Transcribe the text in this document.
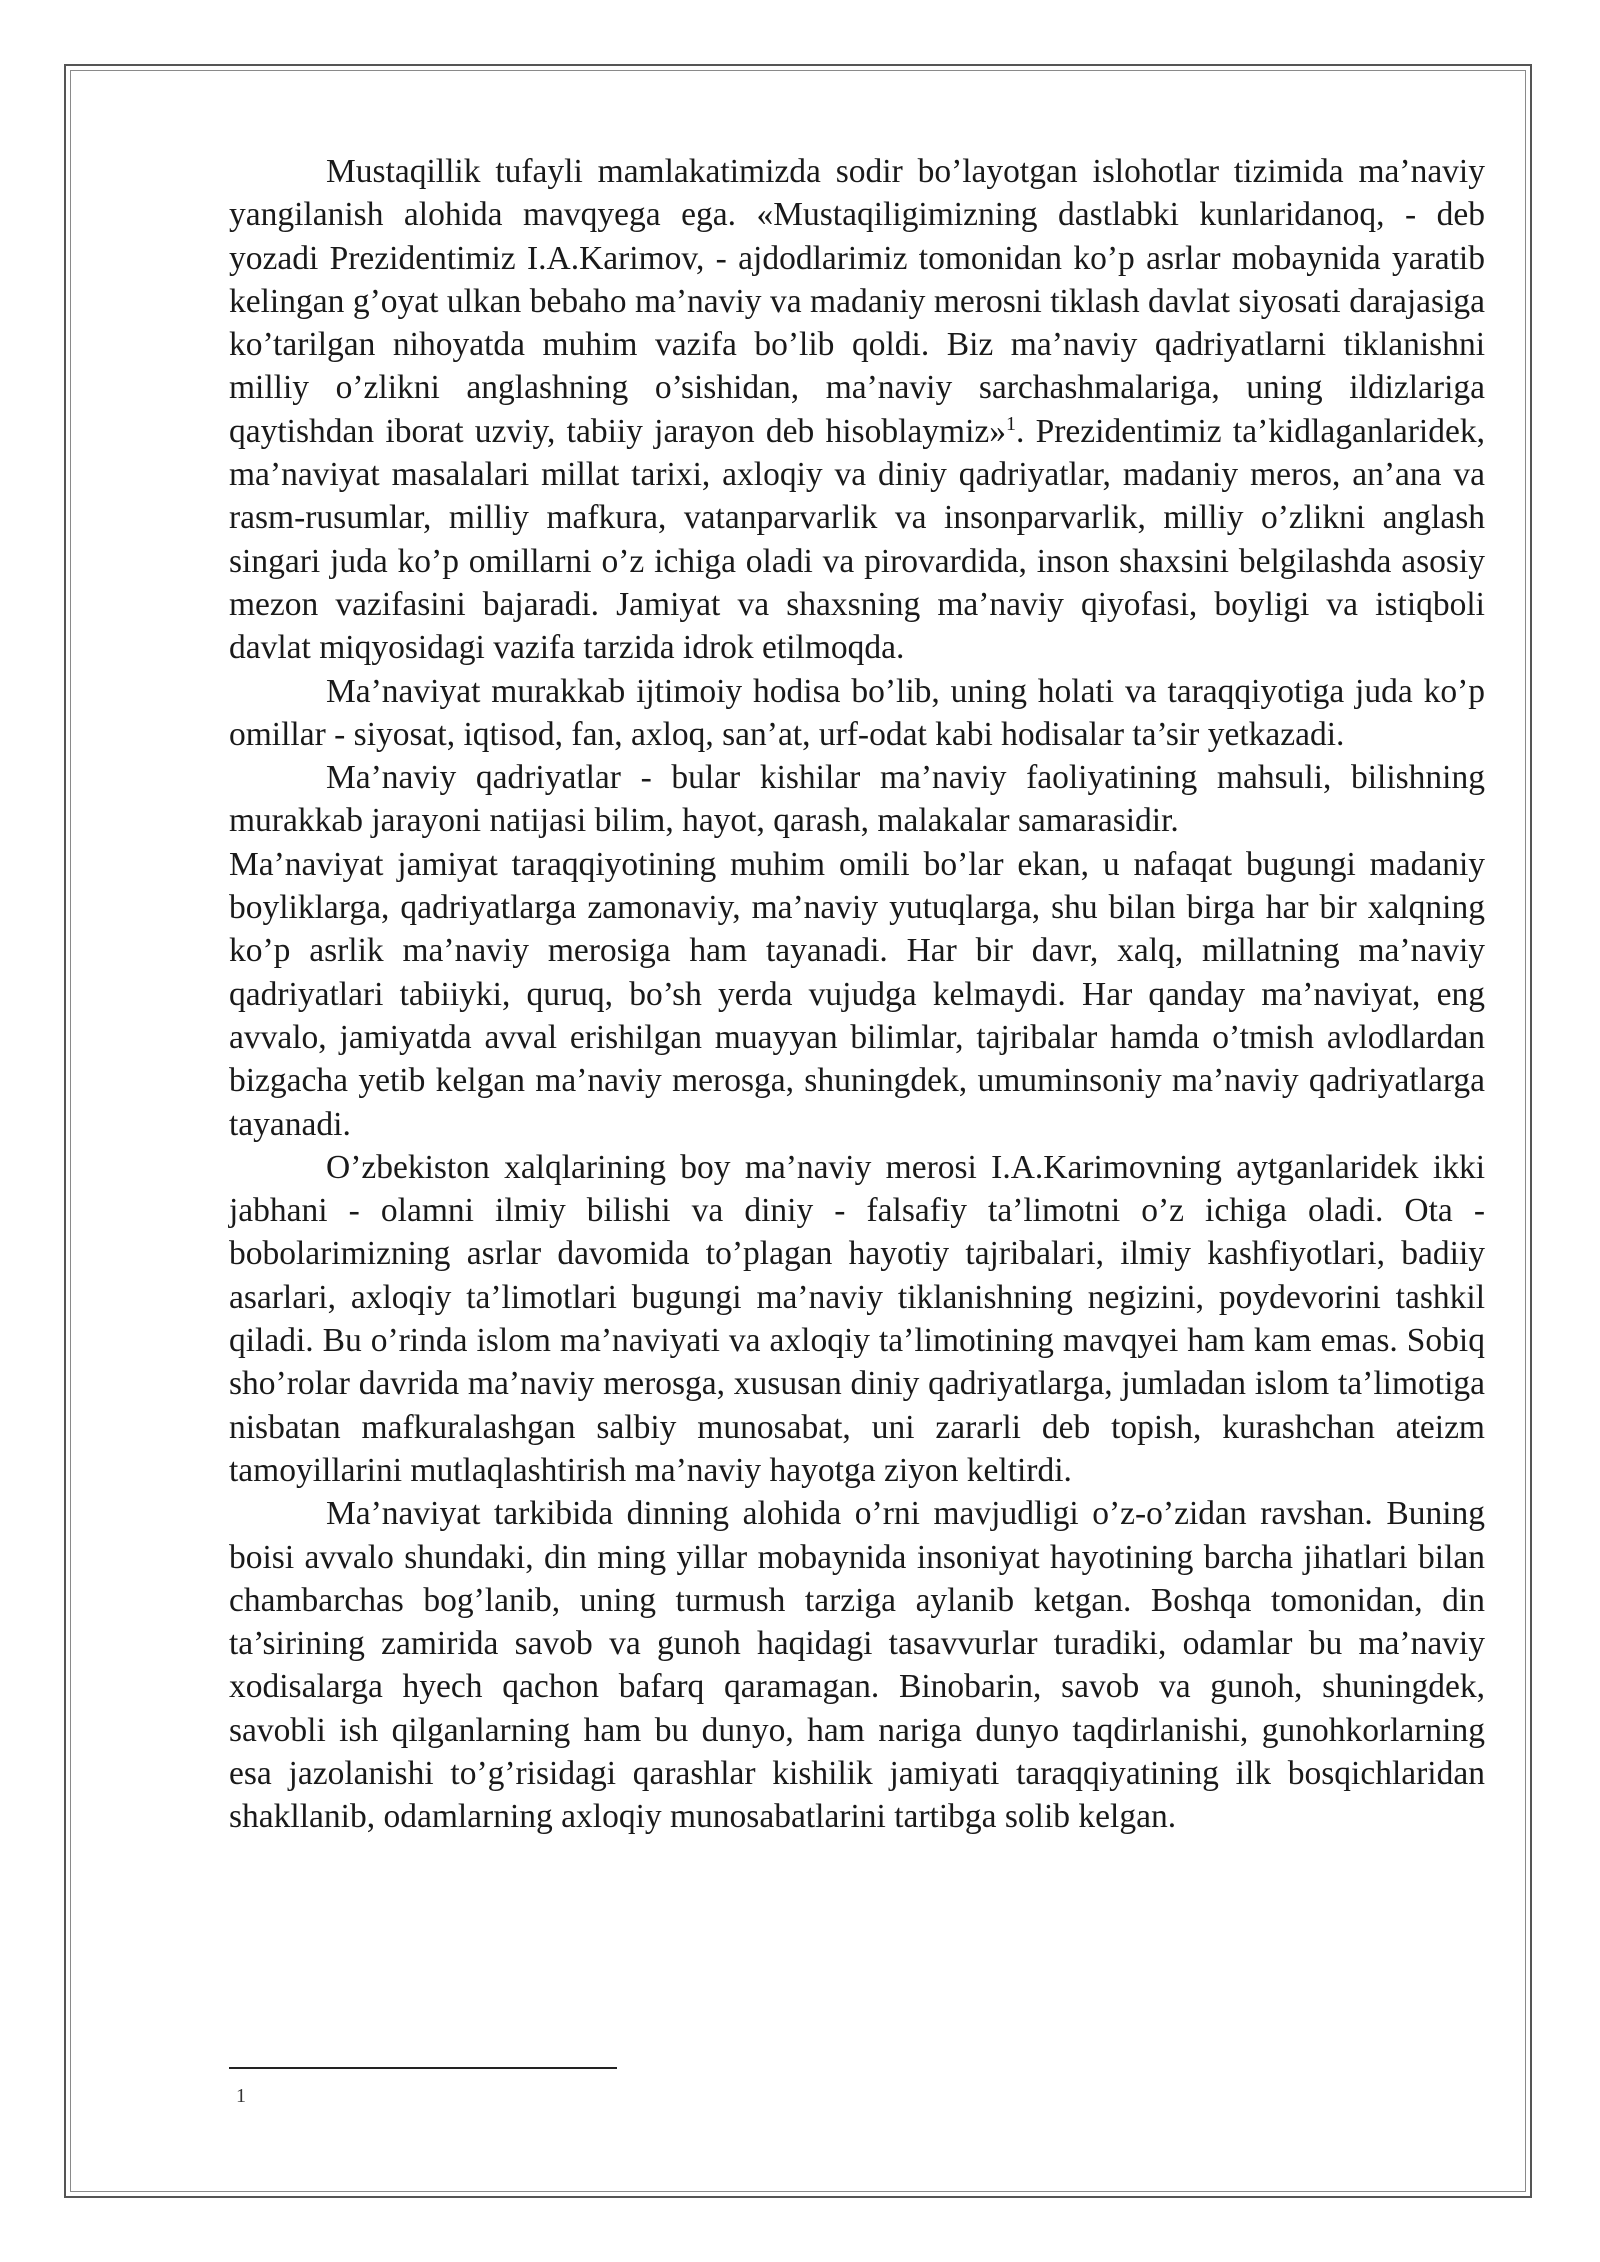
Mustaqillik tufayli mamlakatimizda sodir bo’layotgan islohotlar tizimida ma’naviy yangilanish alohida mavqyega ega. «Mustaqiligimizning dastlabki kunlaridanoq, - deb yozadi Prezidentimiz I.A.Karimov, - ajdodlarimiz tomonidan ko’p asrlar mobaynida yaratib kelingan g’oyat ulkan bebaho ma’naviy va madaniy merosni tiklash davlat siyosati darajasiga ko’tarilgan nihoyatda muhim vazifa bo’lib qoldi. Biz ma’naviy qadriyatlarni tiklanishni milliy o’zlikni anglashning o’sishidan, ma’naviy sarchashmalariga, uning ildizlariga qaytishdan iborat uzviy, tabiiy jarayon deb hisoblaymiz»$^1$. Prezidentimiz ta’kidlaganlaridek, ma’naviyat masalalari millat tarixi, axloqiy va diniy qadriyatlar, madaniy meros, an’ana va rasm-rusumlar, milliy mafkura, vatanparvarlik va insonparvarlik, milliy o’zlikni anglash singari juda ko’p omillarni o’z ichiga oladi va pirovardida, inson shaxsini belgilashda asosiy mezon vazifasini bajaradi. Jamiyat va shaxsning ma’naviy qiyofasi, boyligi va istiqboli davlat miqyosidagi vazifa tarzida idrok etilmoqda.

Ma’naviyat murakkab ijtimoiy hodisa bo’lib, uning holati va taraqqiyotiga juda ko’p omillar - siyosat, iqtisod, fan, axloq, san’at, urf-odat kabi hodisalar ta’sir yetkazadi.

Ma’naviy qadriyatlar - bular kishilar ma’naviy faoliyatining mahsuli, bilishning murakkab jarayoni natijasi bilim, hayot, qarash, malakalar samarasidir.

Ma’naviyat jamiyat taraqqiyotining muhim omili bo’lar ekan, u nafaqat bugungi madaniy boyliklarga, qadriyatlarga zamonaviy, ma’naviy yutuqlarga, shu bilan birga har bir xalqning ko’p asrlik ma’naviy merosiga ham tayanadi. Har bir davr, xalq, millatning ma’naviy qadriyatlari tabiiyki, quruq, bo’sh yerda vujudga kelmaydi. Har qanday ma’naviyat, eng avvalo, jamiyatda avval erishilgan muayyan bilimlar, tajribalar hamda o’tmish avlodlardan bizgacha yetib kelgan ma’naviy merosga, shuningdek, umuminsoniy ma’naviy qadriyatlarga tayanadi.

O’zbekiston xalqlarining boy ma’naviy merosi I.A.Karimovning aytganlaridek ikki jabhani - olamni ilmiy bilishi va diniy - falsafiy ta’limotni o’z ichiga oladi. Ota - bobolarimizning asrlar davomida to’plagan hayotiy tajribalari, ilmiy kashfiyotlari, badiiy asarlari, axloqiy ta’limotlari bugungi ma’naviy tiklanishning negizini, poydevorini tashkil qiladi. Bu o’rinda islom ma’naviyati va axloqiy ta’limotining mavqyei ham kam emas. Sobiq sho’rolar davrida ma’naviy merosga, xususan diniy qadriyatlarga, jumladan islom ta’limotiga nisbatan mafkuralashgan salbiy munosabat, uni zararli deb topish, kurashchan ateizm tamoyillarini mutlaqlashtirish ma’naviy hayotga ziyon keltirdi.

Ma’naviyat tarkibida dinning alohida o’rni mavjudligi o’z-o’zidan ravshan. Buning boisi avvalo shundaki, din ming yillar mobaynida insoniyat hayotining barcha jihatlari bilan chambarchas bog’lanib, uning turmush tarziga aylanib ketgan. Boshqa tomonidan, din ta’sirining zamirida savob va gunoh haqidagi tasavvurlar turadiki, odamlar bu ma’naviy xodisalarga hyech qachon bafarq qaramagan. Binobarin, savob va gunoh, shuningdek, savobli ish qilganlarning ham bu dunyo, ham nariga dunyo taqdirlanishi, gunohkorlarning esa jazolanishi to’g’risidagi qarashlar kishilik jamiyati taraqqiyatining ilk bosqichlaridan shakllanib, odamlarning axloqiy munosabatlarini tartibga solib kelgan.

1
